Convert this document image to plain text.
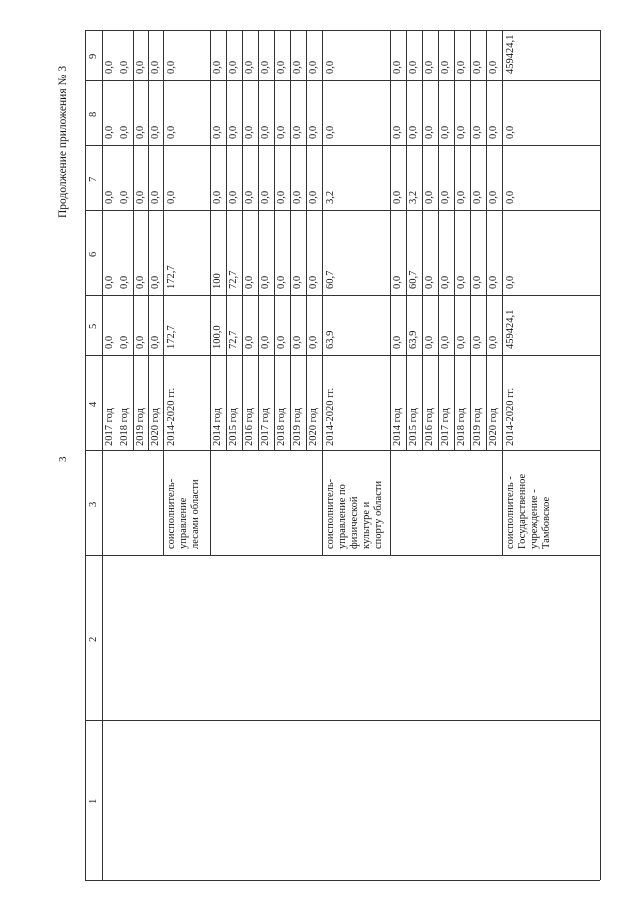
3
Продолжение приложения № 3
1
2
3
4
5
6
7
8
9
2017 год
0,0
0,0
0,0
0,0
0,0
2018 год
0,0
0,0
0,0
0,0
0,0
2019 год
0,0
0,0
0,0
0,0
0,0
2020 год
0,0
0,0
0,0
0,0
0,0
2014-2020 гг.
172,7
172,7
0,0
0,0
0,0
соисполнитель-
управление
лесами области
2014 год
100,0
100
0,0
0,0
0,0
2015 год
72,7
72,7
0,0
0,0
0,0
2016 год
0,0
0,0
0,0
0,0
0,0
2017 год
0,0
0,0
0,0
0,0
0,0
2018 год
0,0
0,0
0,0
0,0
0,0
2019 год
0,0
0,0
0,0
0,0
0,0
2020 год
0,0
0,0
0,0
0,0
0,0
2014-2020 гг.
63,9
60,7
3,2
0,0
0,0
соисполнитель-
управление по
физической
культуре и
спорту области
2014 год
0,0
0,0
0,0
0,0
0,0
2015 год
63,9
60,7
3,2
0,0
0,0
2016 год
0,0
0,0
0,0
0,0
0,0
2017 год
0,0
0,0
0,0
0,0
0,0
2018 год
0,0
0,0
0,0
0,0
0,0
2019 год
0,0
0,0
0,0
0,0
0,0
2020 год
0,0
0,0
0,0
0,0
0,0
2014-2020 гг.
459424,1
0,0
0,0
0,0
459424,1
соисполнитель -
Государственное
учреждение -
Тамбовское
